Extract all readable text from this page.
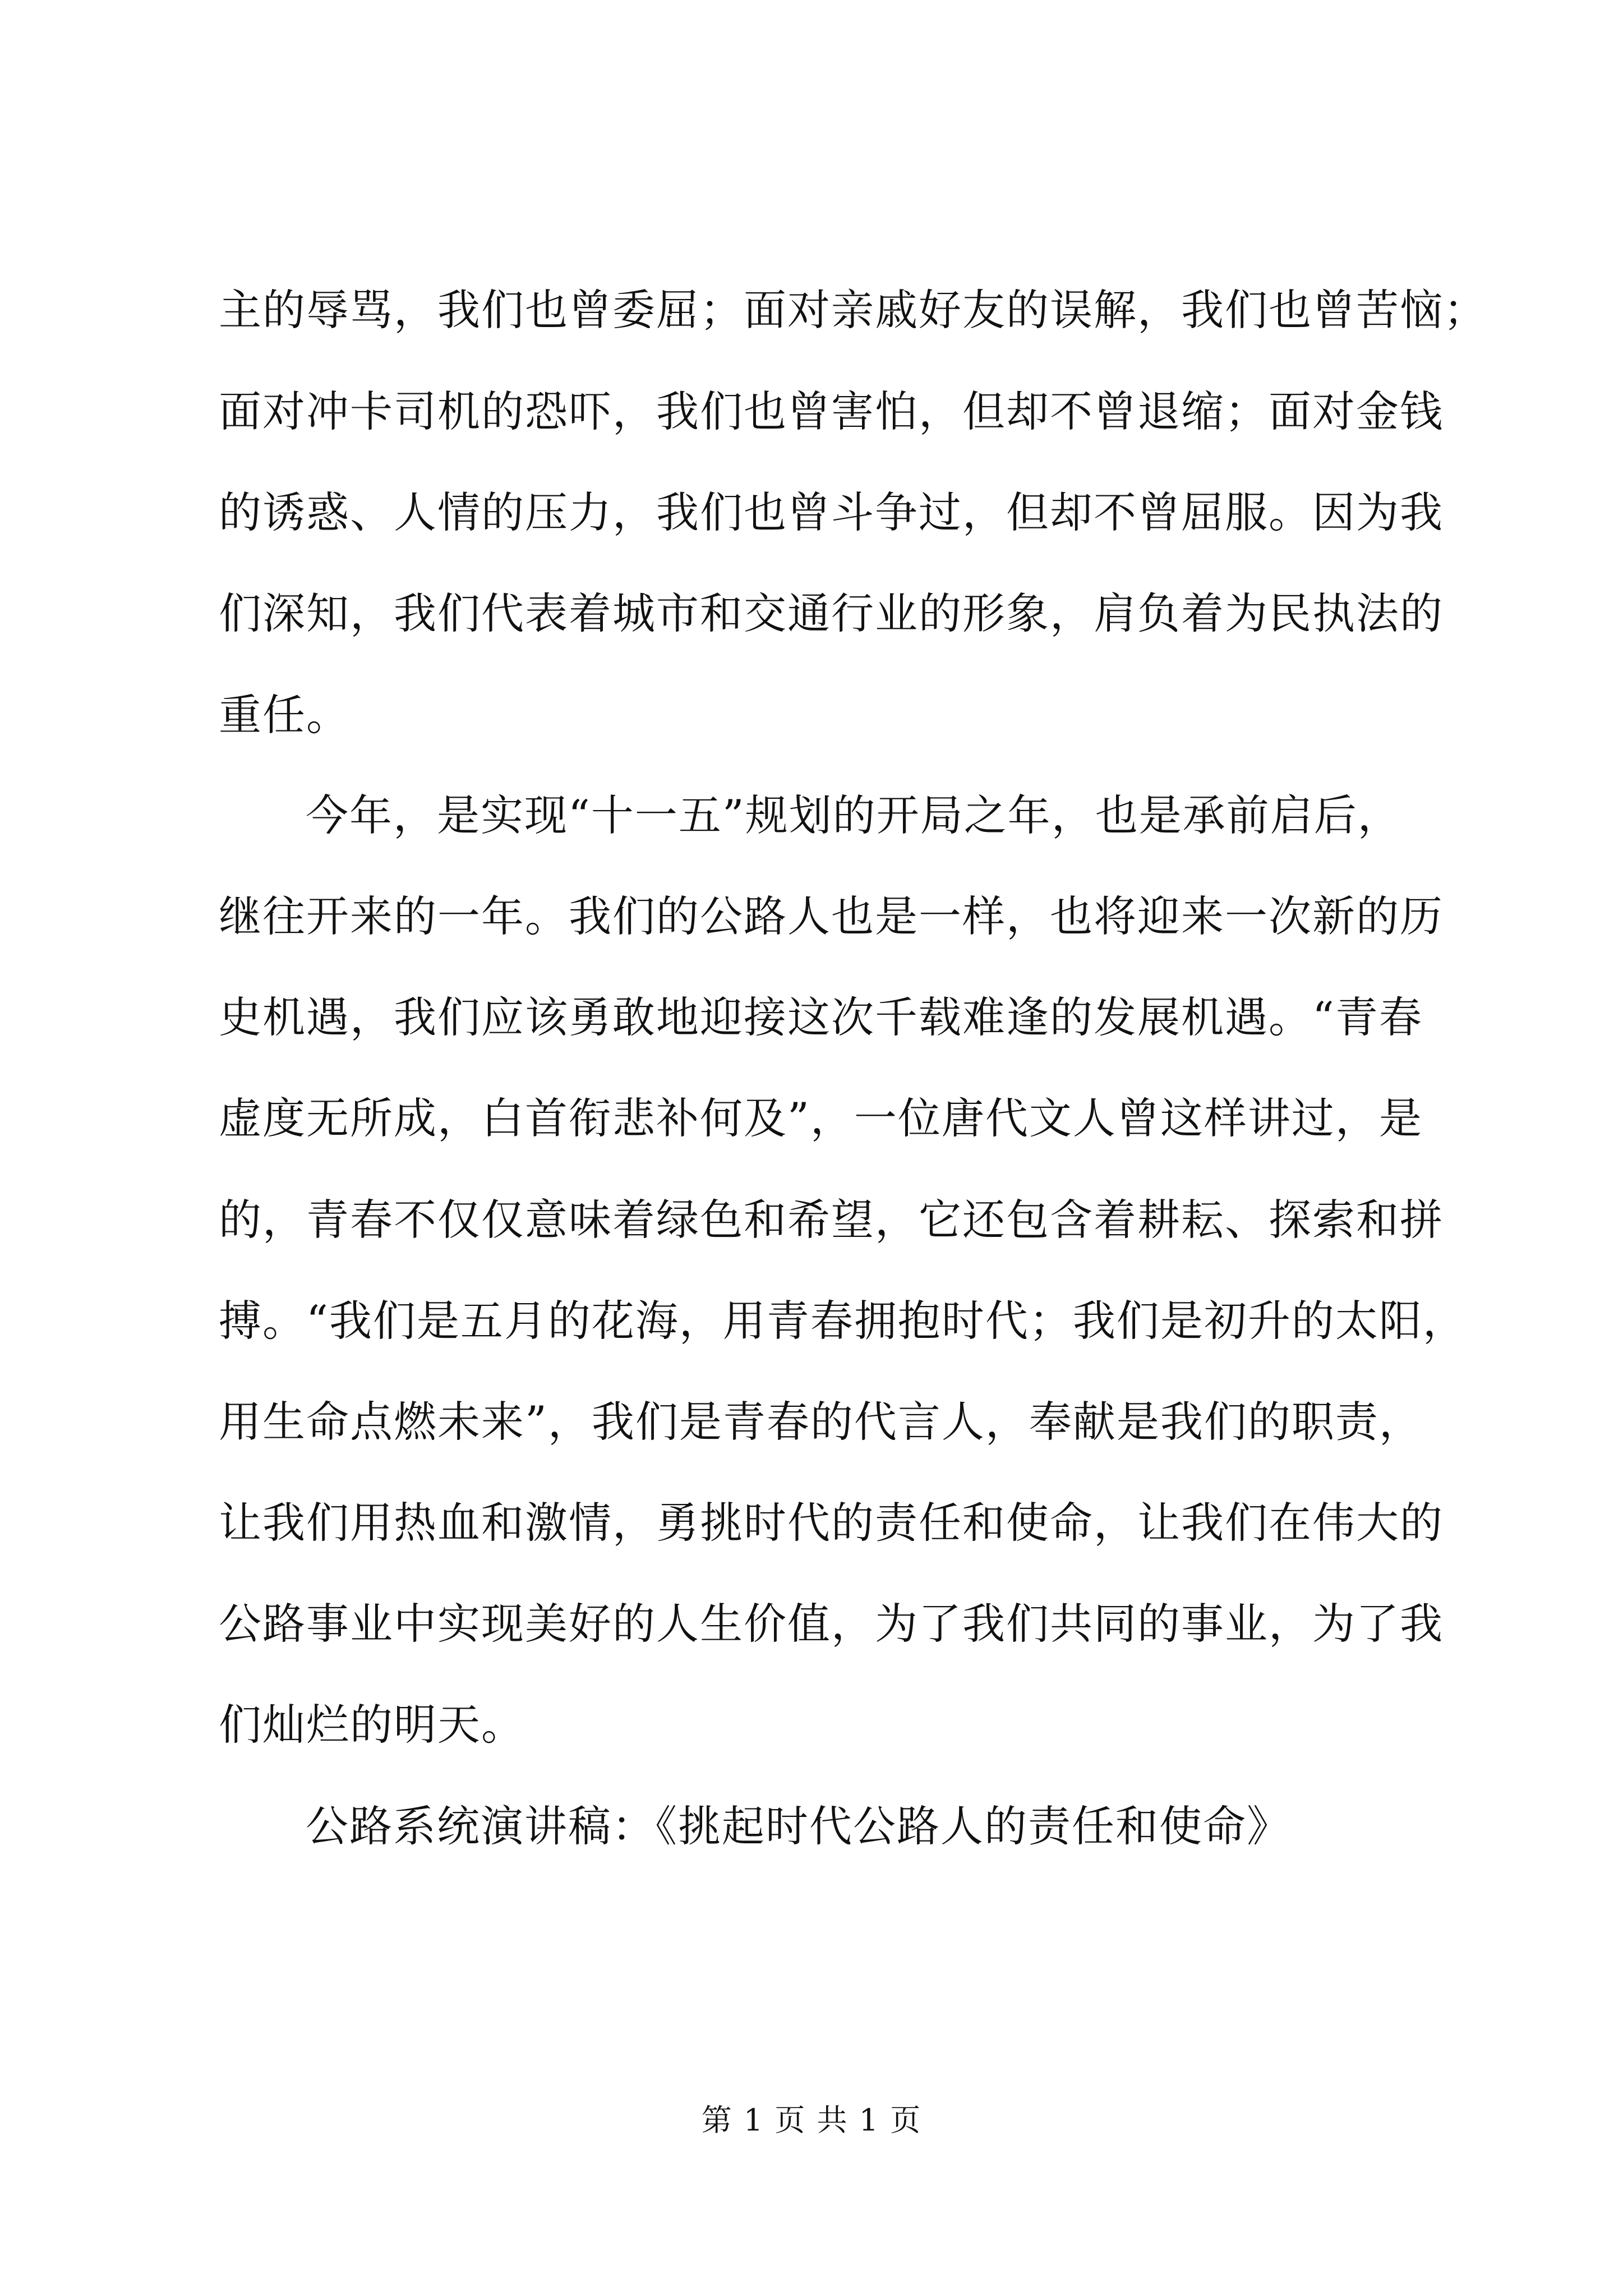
主的辱骂，我们也曾委屈；面对亲戚好友的误解，我们也曾苦恼；
面对冲卡司机的恐吓，我们也曾害怕，但却不曾退缩；面对金钱
的诱惑、人情的压力，我们也曾斗争过，但却不曾屈服。因为我
们深知，我们代表着城市和交通行业的形象，肩负着为民执法的
重任。
今年，是实现“十一五”规划的开局之年，也是承前启后，
继往开来的一年。我们的公路人也是一样，也将迎来一次新的历
史机遇，我们应该勇敢地迎接这次千载难逢的发展机遇。“青春
虚度无所成，白首衔悲补何及”，一位唐代文人曾这样讲过，是
的，青春不仅仅意味着绿色和希望，它还包含着耕耘、探索和拼
搏。“我们是五月的花海，用青春拥抱时代；我们是初升的太阳，
用生命点燃未来”，我们是青春的代言人，奉献是我们的职责，
让我们用热血和激情，勇挑时代的责任和使命，让我们在伟大的
公路事业中实现美好的人生价值，为了我们共同的事业，为了我
们灿烂的明天。
公路系统演讲稿：《挑起时代公路人的责任和使命》
第 1 页 共 1 页
